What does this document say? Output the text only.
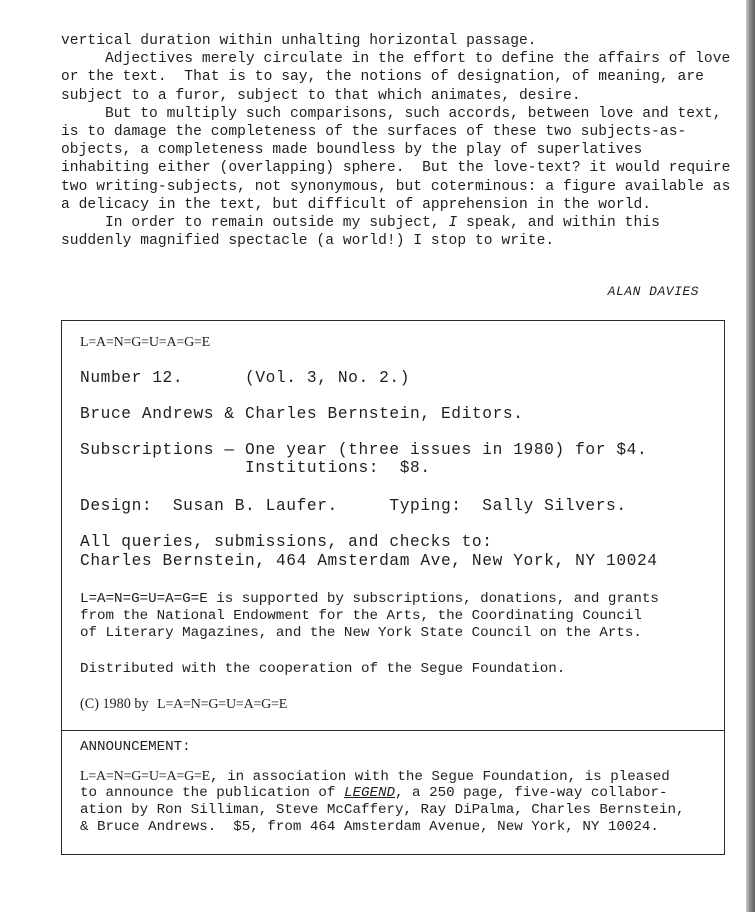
vertical duration within unhalting horizontal passage.

Adjectives merely circulate in the effort to define the affairs of love or the text.  That is to say, the notions of designation, of meaning, are subject to a furor, subject to that which animates, desire.

But to multiply such comparisons, such accords, between love and text, is to damage the completeness of the surfaces of these two subjects-as-objects, a completeness made boundless by the play of superlatives inhabiting either (overlapping) sphere.  But the love-text? it would require two writing-subjects, not synonymous, but coterminous: a figure available as a delicacy in the text, but difficult of apprehension in the world.

In order to remain outside my subject, I speak, and within this suddenly magnified spectacle (a world!) I stop to write.

ALAN DAVIES

L=A=N=G=U=A=G=E

Number 12.      (Vol. 3, No. 2.)

Bruce Andrews & Charles Bernstein, Editors.

Subscriptions — One year (three issues in 1980) for $4.

Institutions:  $8.

Design:  Susan B. Laufer.     Typing:  Sally Silvers.

All queries, submissions, and checks to:

Charles Bernstein, 464 Amsterdam Ave, New York, NY 10024

L=A=N=G=U=A=G=E is supported by subscriptions, donations, and grants

from the National Endowment for the Arts, the Coordinating Council

of Literary Magazines, and the New York State Council on the Arts.

Distributed with the cooperation of the Segue Foundation.

(C) 1980 by L=A=N=G=U=A=G=E

ANNOUNCEMENT:

L=A=N=G=U=A=G=E, in association with the Segue Foundation, is pleased

to announce the publication of LEGEND, a 250 page, five-way collabor-

ation by Ron Silliman, Steve McCaffery, Ray DiPalma, Charles Bernstein,

& Bruce Andrews.  $5, from 464 Amsterdam Avenue, New York, NY 10024.
